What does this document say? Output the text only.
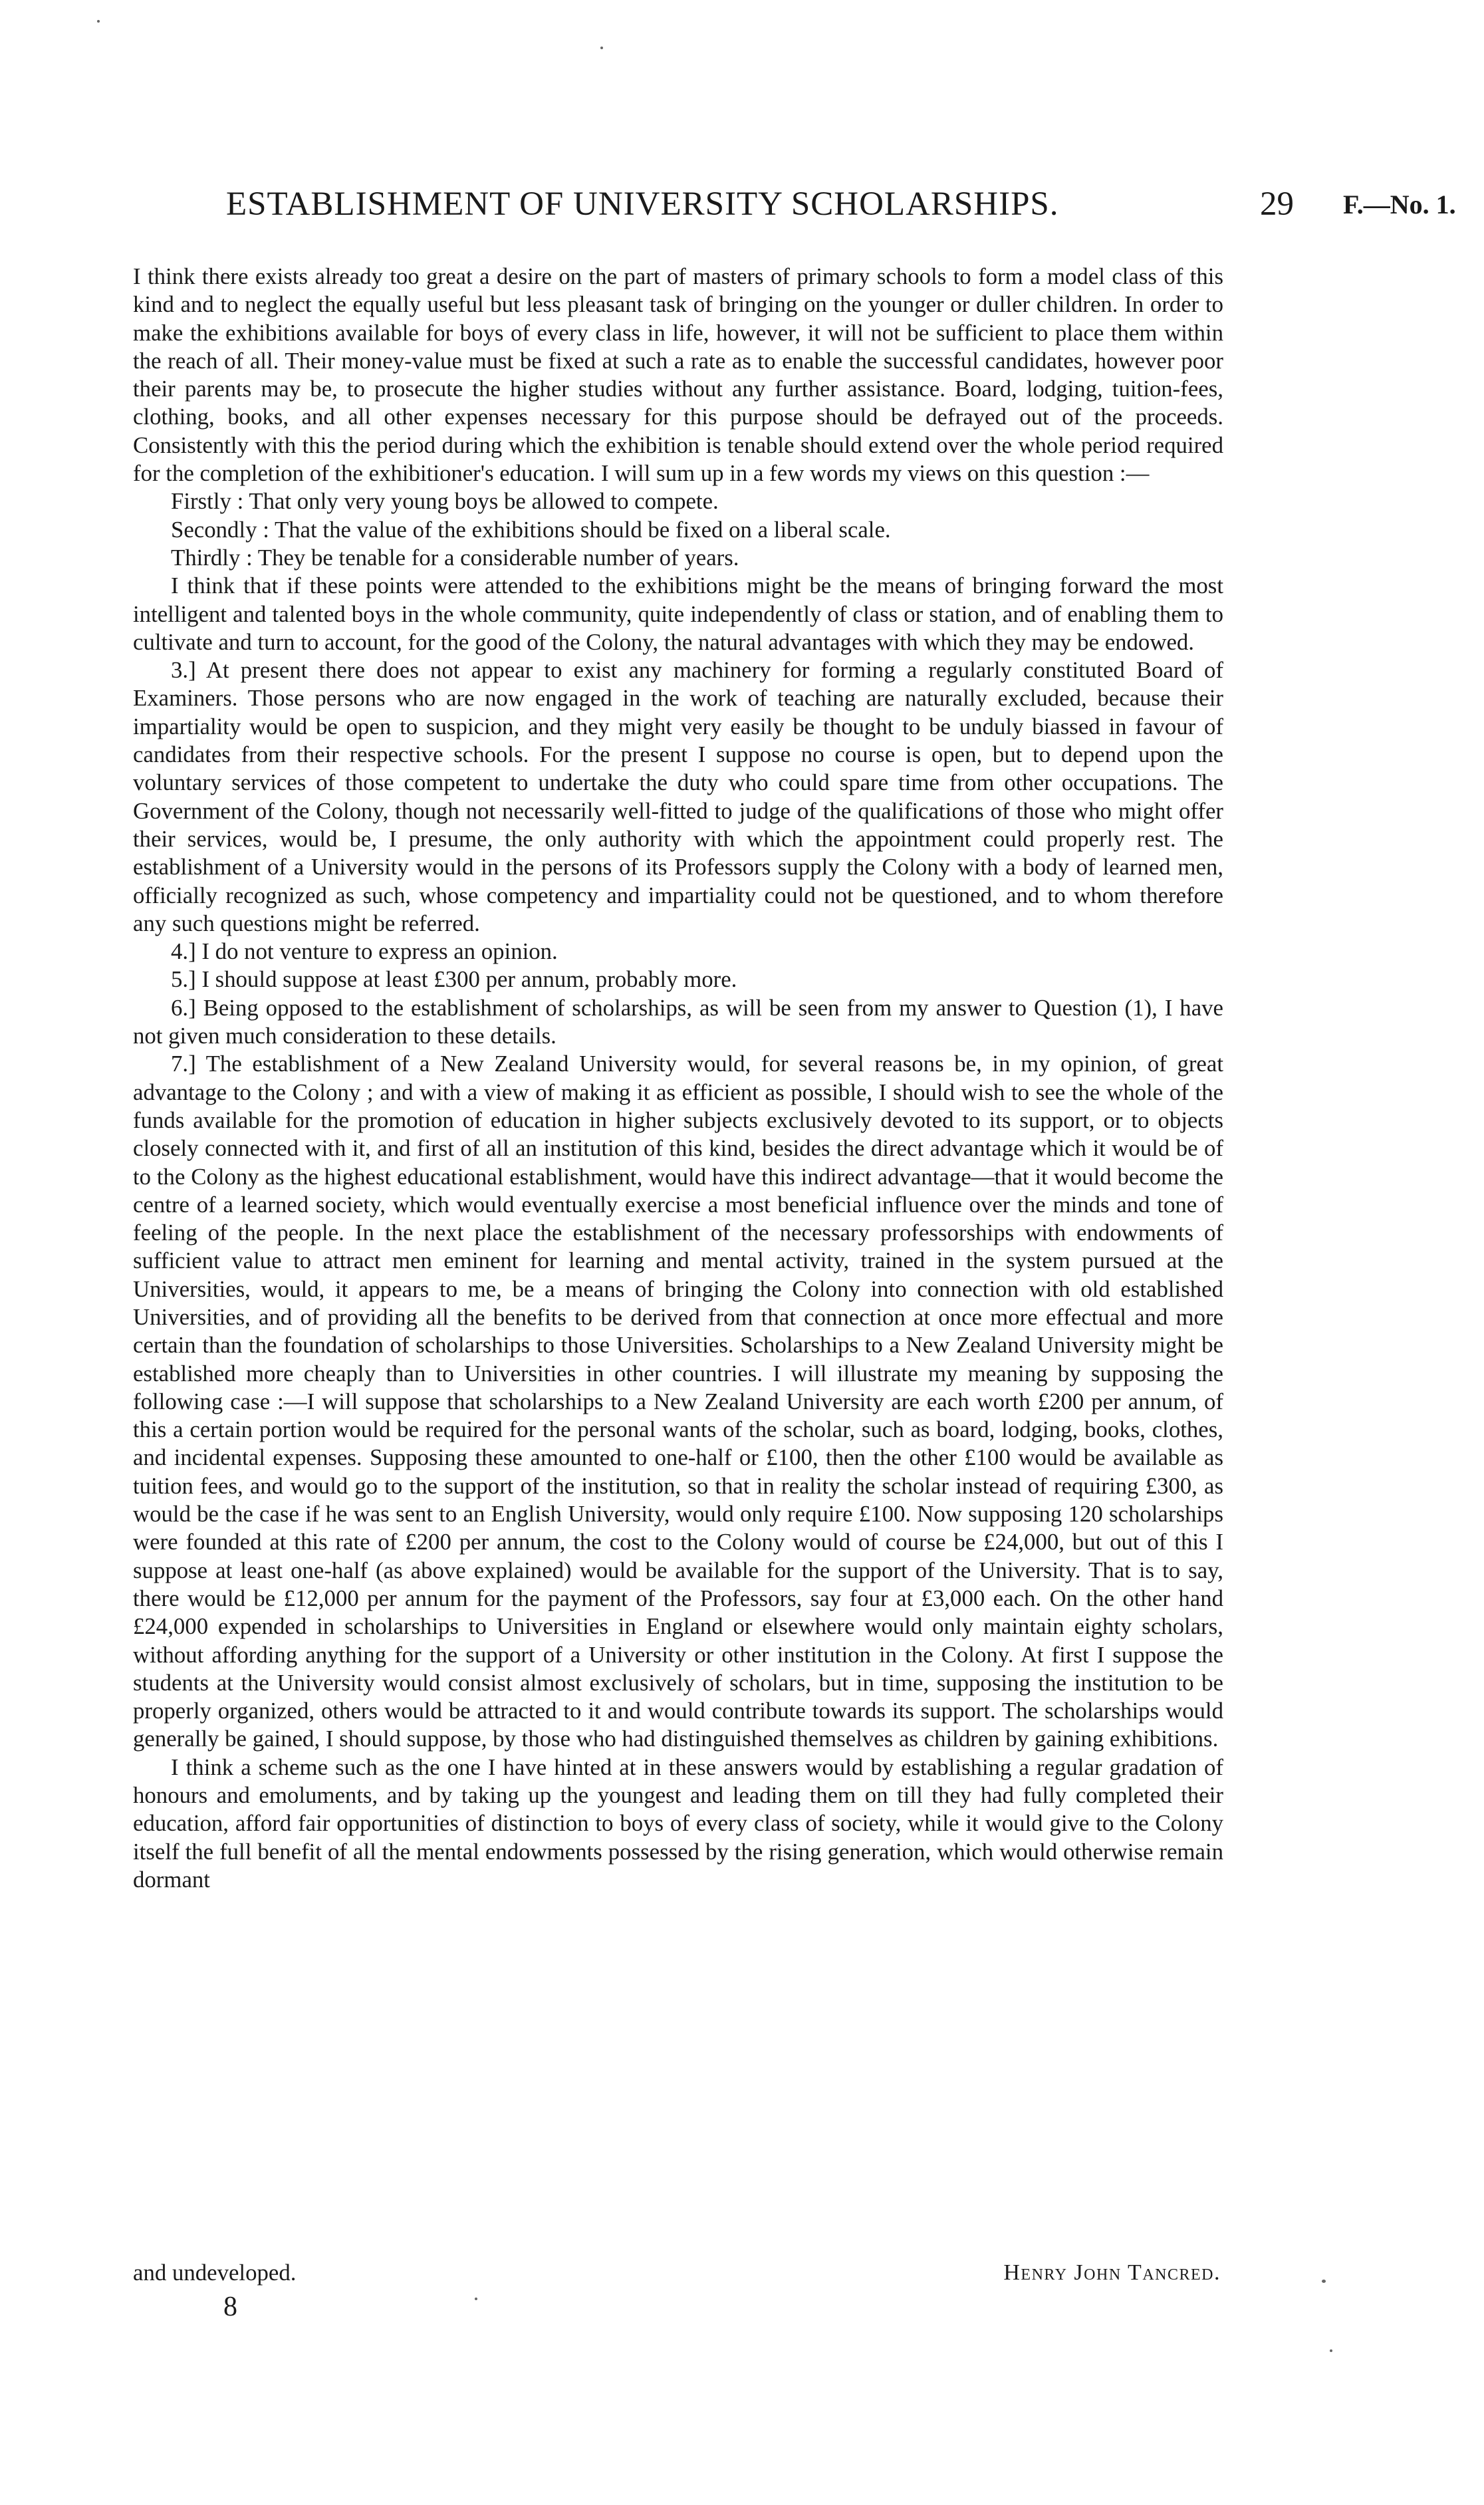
ESTABLISHMENT OF UNIVERSITY SCHOLARSHIPS.	29 F.—No. 1.

I think there exists already too great a desire on the part of masters of primary schools to form a model class of this kind and to neglect the equally useful but less pleasant task of bringing on the younger or duller children. In order to make the exhibitions available for boys of every class in life, however, it will not be sufficient to place them within the reach of all. Their money-value must be fixed at such a rate as to enable the successful candidates, however poor their parents may be, to prosecute the higher studies without any further assistance. Board, lodging, tuition-fees, clothing, books, and all other expenses necessary for this purpose should be defrayed out of the proceeds. Consistently with this the period during which the exhibition is tenable should extend over the whole period required for the completion of the exhibitioner's education. I will sum up in a few words my views on this question :—

Firstly : That only very young boys be allowed to compete.

Secondly : That the value of the exhibitions should be fixed on a liberal scale.

Thirdly : They be tenable for a considerable number of years.

I think that if these points were attended to the exhibitions might be the means of bringing forward the most intelligent and talented boys in the whole community, quite independently of class or station, and of enabling them to cultivate and turn to account, for the good of the Colony, the natural advantages with which they may be endowed.

3.] At present there does not appear to exist any machinery for forming a regularly constituted Board of Examiners. Those persons who are now engaged in the work of teaching are naturally excluded, because their impartiality would be open to suspicion, and they might very easily be thought to be unduly biassed in favour of candidates from their respective schools. For the present I suppose no course is open, but to depend upon the voluntary services of those competent to undertake the duty who could spare time from other occupations. The Government of the Colony, though not necessarily well-fitted to judge of the qualifications of those who might offer their services, would be, I presume, the only authority with which the appointment could properly rest. The establishment of a University would in the persons of its Professors supply the Colony with a body of learned men, officially recognized as such, whose competency and impartiality could not be questioned, and to whom therefore any such questions might be referred.

4.] I do not venture to express an opinion.

5.] I should suppose at least £300 per annum, probably more.

6.] Being opposed to the establishment of scholarships, as will be seen from my answer to Question (1), I have not given much consideration to these details.

7.] The establishment of a New Zealand University would, for several reasons be, in my opinion, of great advantage to the Colony ; and with a view of making it as efficient as possible, I should wish to see the whole of the funds available for the promotion of education in higher subjects exclusively devoted to its support, or to objects closely connected with it, and first of all an institution of this kind, besides the direct advantage which it would be of to the Colony as the highest educational establishment, would have this indirect advantage—that it would become the centre of a learned society, which would eventually exercise a most beneficial influence over the minds and tone of feeling of the people. In the next place the establishment of the necessary professorships with endowments of sufficient value to attract men eminent for learning and mental activity, trained in the system pursued at the Universities, would, it appears to me, be a means of bringing the Colony into connection with old established Universities, and of providing all the benefits to be derived from that connection at once more effectual and more certain than the foundation of scholarships to those Universities. Scholarships to a New Zealand University might be established more cheaply than to Universities in other countries. I will illustrate my meaning by supposing the following case :—I will suppose that scholarships to a New Zealand University are each worth £200 per annum, of this a certain portion would be required for the personal wants of the scholar, such as board, lodging, books, clothes, and incidental expenses. Supposing these amounted to one-half or £100, then the other £100 would be available as tuition fees, and would go to the support of the institution, so that in reality the scholar instead of requiring £300, as would be the case if he was sent to an English University, would only require £100. Now supposing 120 scholarships were founded at this rate of £200 per annum, the cost to the Colony would of course be £24,000, but out of this I suppose at least one-half (as above explained) would be available for the support of the University. That is to say, there would be £12,000 per annum for the payment of the Professors, say four at £3,000 each. On the other hand £24,000 expended in scholarships to Universities in England or elsewhere would only maintain eighty scholars, without affording anything for the support of a University or other institution in the Colony. At first I suppose the students at the University would consist almost exclusively of scholars, but in time, supposing the institution to be properly organized, others would be attracted to it and would contribute towards its support. The scholarships would generally be gained, I should suppose, by those who had distinguished themselves as children by gaining exhibitions.

I think a scheme such as the one I have hinted at in these answers would by establishing a regular gradation of honours and emoluments, and by taking up the youngest and leading them on till they had fully completed their education, afford fair opportunities of distinction to boys of every class of society, while it would give to the Colony itself the full benefit of all the mental endowments possessed by the rising generation, which would otherwise remain dormant

and undeveloped.	Henry John Tancred.
8
